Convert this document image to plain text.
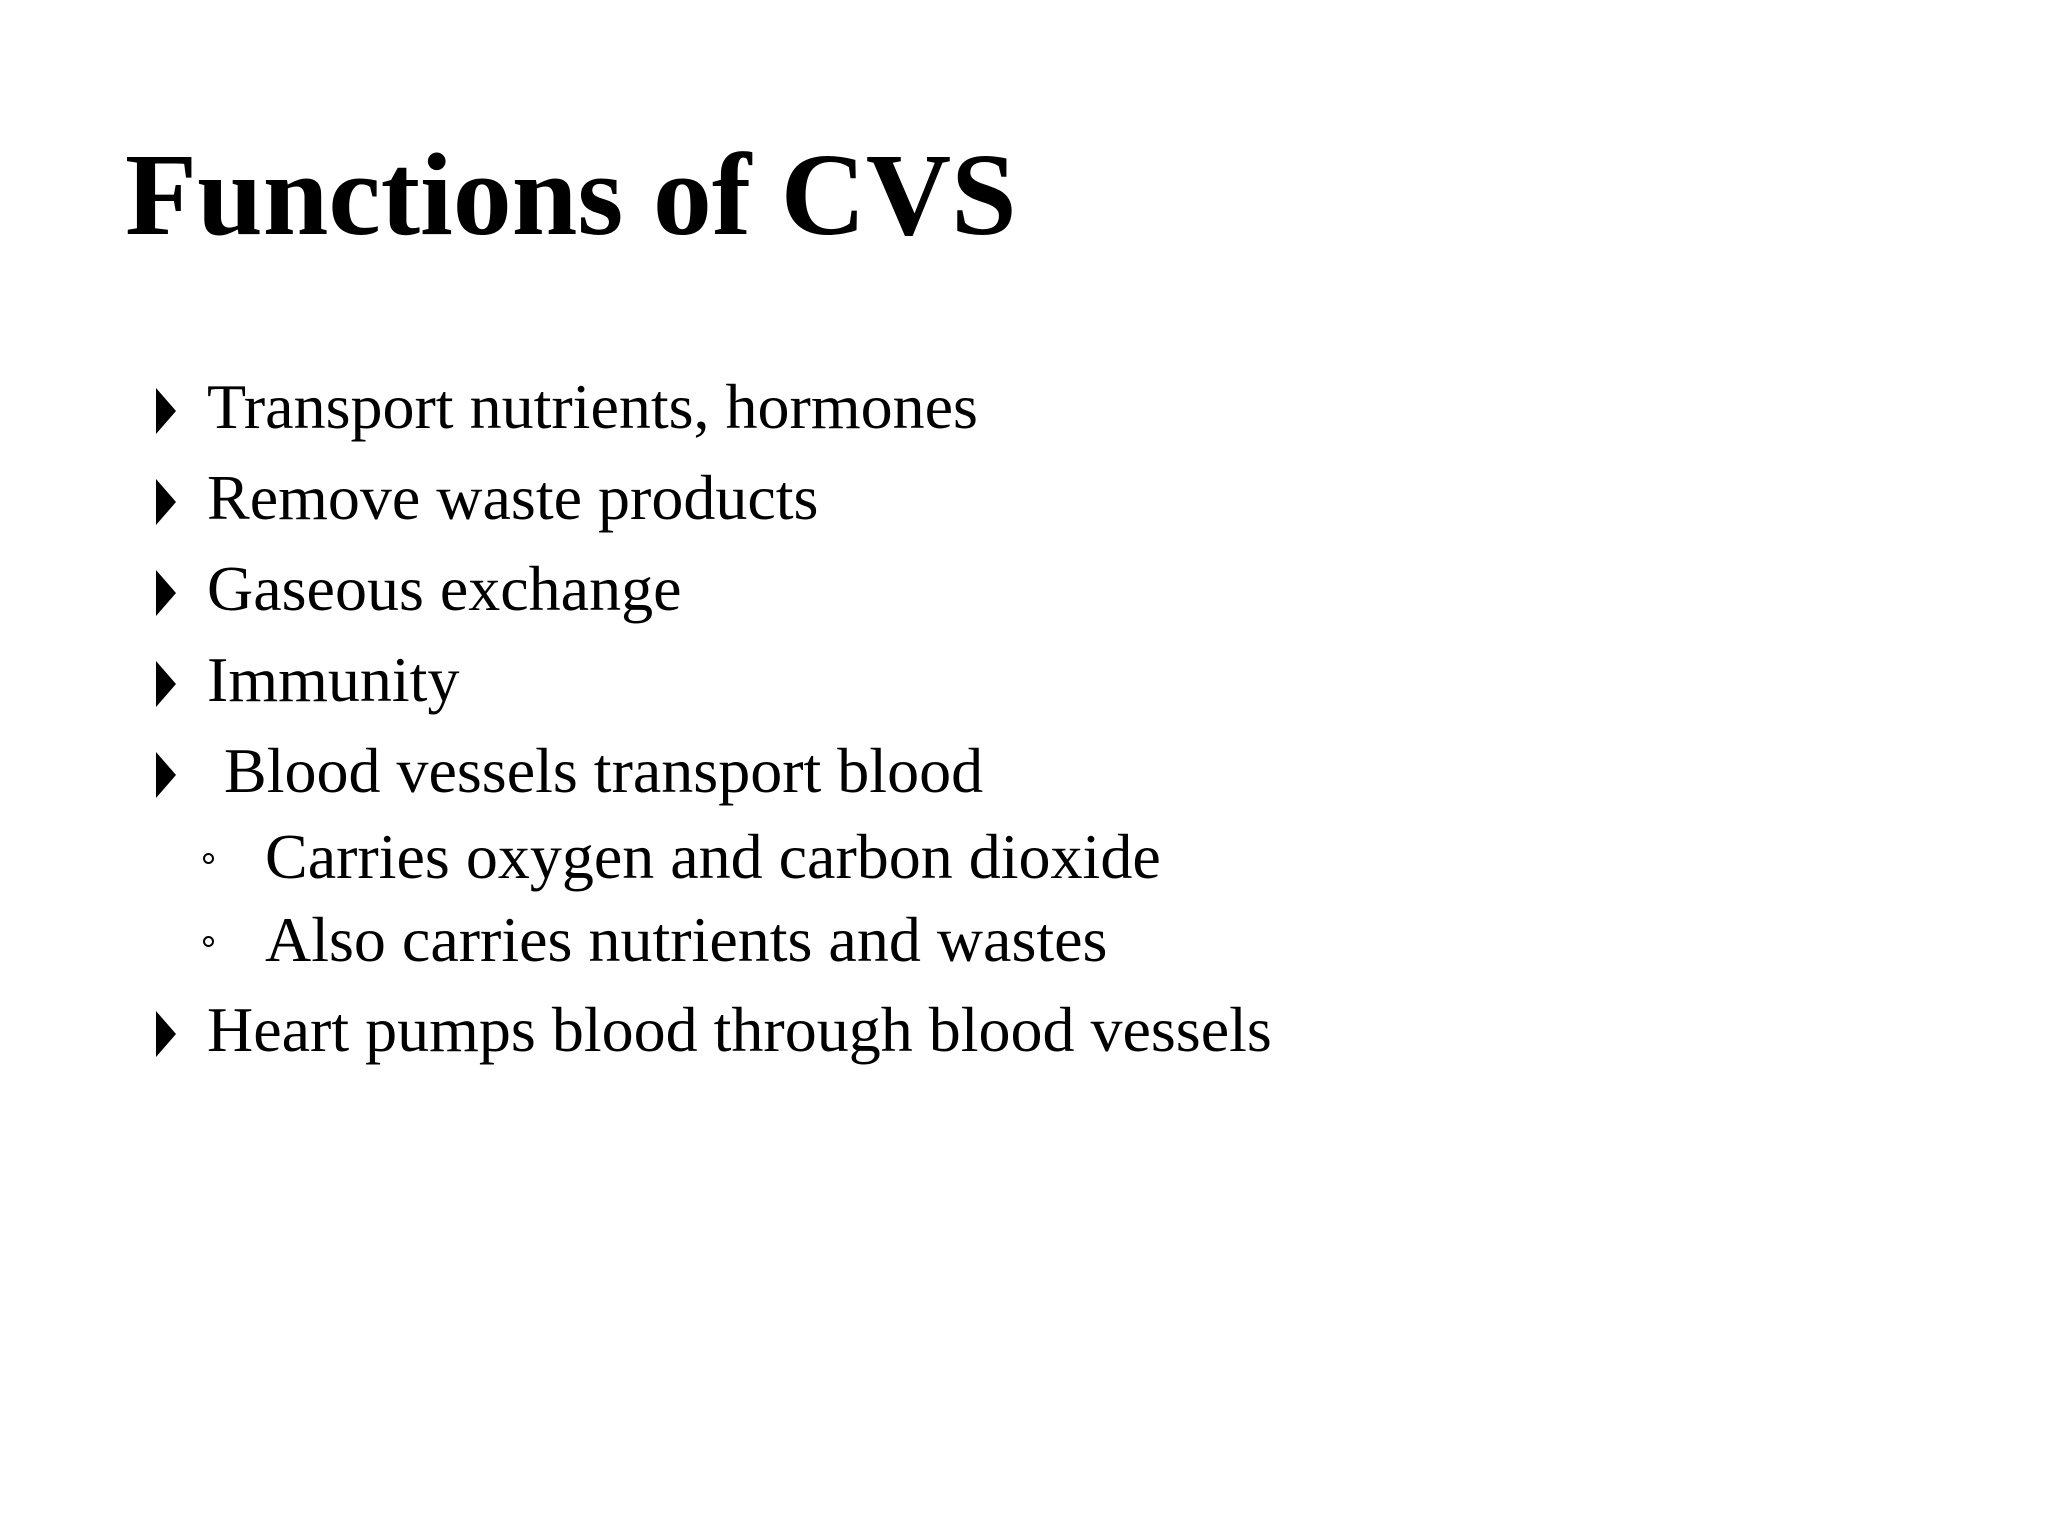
Functions of CVS
Transport nutrients, hormones
Remove waste products
Gaseous exchange
Immunity
Blood vessels transport blood
Carries oxygen and carbon dioxide
Also carries nutrients and wastes
Heart pumps blood through blood vessels
